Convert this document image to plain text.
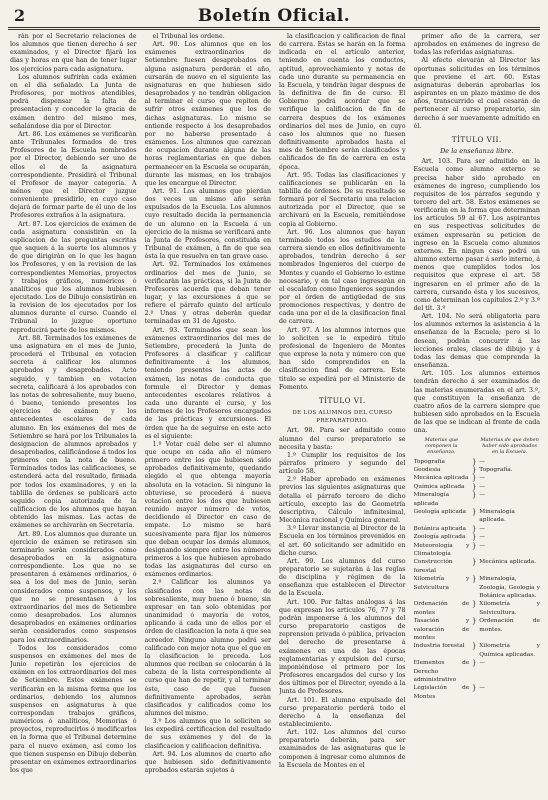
2	Boletín Oficial.

ràn por el Secretario relaciones de los alumnos que tienen derecho á ser examinados, y el Director fijarà los dias y horas en que han de tener lugar los ejercicios para cada asignatura.

Los alumnos sufriràn cada exámen en el dia señalado. La Junta de Profesores, por motivos atendibles, podrá dispensar la falta de presentacion y conceder la gracia de exámen dentro del mismo mes, señalándose dia por el Director.

Art. 86. Los exámenes se verificaràn ante Tribunales formados de tres Profesores de la Escuela nombrados por el Director, debiendo ser uno de ellos el de la asignatura correspondiente. Presidirá el Tribunal el Profesor de mayor categoría. A ménos que el Director juzgue conveniente presidirlo, en cuyo caso dejará de formar parte de él uno de los Profesores extraños á la asignatura.

Art. 87. Los ejercicios de exámen de cada asignatura consistiràn en la esplicacion de las preguntas escritas que saquen á la suerte los alumnos y de que dirigiràn en lo que les hagan los Profesores, y en la revision de las correspondientes Memorias, proyectos y trabajos gráficos, numéricos ó analíticos que los alumnos hubiesen ejecutado. Los de Dibujo consistiràn en la revision de los ejecutados por los alumnos durante el curso. Cuando el Tribunal lo juzgue oportuno reproducirá parte de los mismos.

Art. 88. Terminados los exámenes de una asignatura en el mes de Junio, procederá el Tribunal en votacion secreta á calificar los alumnos aprobados y desaprobados. Acto seguido, y tambien en votacion secreta, calificará á los aprobados con las notas de sobresaliente, muy bueno, ó bueno, teniendo presentes los ejercicios de exámen y los antecedentes escolares de cada alumno. En los exámenes del mes de Setiembre se hará por los Tribunales la designacion de alumnos aprobados y desaprobados, calificándose á todos los primeros con la nota de bueno. Terminados todos las calificaciones, se estenderá acta del resultado, firmada por todos los examinadores, y en la tablilla de órdenes se publicará acto seguido copia autorizada de la calificacion de los alumnos que hayan obtenido las mismas. Las actas de exámenes se archivaràn en Secretaría.

Art. 89. Los alumnos que durante un ejercicio de exámen se retirasen sin terminarlo seràn considerados como desaprobados en la asignatura correspondiente. Los que no se presentaren á exámenes ordinarios, ó sea á los del mes de Junio, seràn considerados como suspensos, y los que no se presentasen á los extraordinarios del mes de Setiembre como desaprobados. Los alumnos desaprobados en exámenes ordinarios seràn considerados como suspensos para los extraordinarios.

Todos los considerados como suspensos en exámenes del mes de Junio repetiràn los ejercicios de exámen en los extraordinarios del mes de Setiembre. Estos exámenes se verificaràn en la misma forma que los ordinarios, debiendo los alumnos suspensos en asignaturas à que correspondan trabajos gráficos, numéricos ó analíticos, Memorias ó proyectos, reproducirlos ó modificarlos en la forma que el Tribunal determine para el nuevo exámen, así como los que tienen suspenso en Dibujo deberàn presentar en exámenes extraordinarios los que

el Tribunal les ordene.

Art. 90. Los alumnos que en los exámenes extraordinarios de Setiembre fuesen desaprobados en alguna asignatura perderán el año, cursarán de nuevo en el siguiente las asignaturas en que hubiesen sido desaprobados y no tendràn obligacion al terminar el curso que repiten de sufrir otros exámenes que los de dichas asignaturas. Lo mismo se entiende respecto á los desaprobados por no haberse presentado á exámenes. Los alumnos que carezcan de ocupacion durante alguna de las horas reglamentarias en que deben permanecer en la Escuela se ocuparán, durante las mismas, en los trabajos que les encargue el Director.

Art. 91. Los alumnos que pierdan dos veces un mismo año seràn expulsados de la Escuela. Los alumnos cuyo resultado decida la permanencia de un alumno en la Escuela á un ejercicio de la misma se verificará ante la Junta de Profesores, constituida en Tribunal de exámen, á fin de que sea ésta la que resuelva en tan grave caso.

Art. 92. Terminados los exámenes ordinarios del mes de Junio, se verificaràn las prácticas, si la Junta de Profesores acuerda que deban tener lugar, y las excursiones á que se refiere el párrafo quinto del artículo 2.º Unas y otras deberàn quedar terminadas en 31 de Agosto.

Art. 93. Terminados que sean los exámenes extraordinarios del mes de Setiembre, procederá la Junta de Profesores á clasificar y calificar definitivamente á los alumnos, teniendo presentes las actas de exámen, las notas de conducta que formule el Director y demas antecedentes escolares relativos á cada uno durante el curso, y los informes de los Profesores encargados de las prácticas y excursiones. El órden que ha de seguirse en este acto es el siguiente:

1.º Votar cuál debe ser el alumno que ocupe en cada año el número primero entre los que hubiesen sido aprobados definitivamente, quedando elegido el que obtenga mayoría absoluta en la votacion. Si ninguno la obtuviese, se procederá á nueva votacion entre los dos que hubiesen reunido mayor número de votos, decidiendo el Director en caso de empate. Lo mismo se hará sucesivamente para fijar los números que deban ocupar los demás alumnos, designando siempre entre los números primeros á los que hubiesen aprobado todas las asignaturas del curso en exámenes ordinarios.

2.º Calificar los alumnos ya clasificados con las notas de sobresaliente, muy bueno ó bueno, sin expresar en tan solo obtenidas por unanimidad ó mayoría de votos, aplicando á cada uno de ellos por el órden de clasificacion la nota á que sea acreedor. Ninguno alumno podrá ser calificado con mejor nota que el que en la clasificacion le preceda. Los alumnos que reciban se colocarán á la cabeza de la lista correspondiente al curso que han de repetir, y al terminar éste, caso de que fuesen definitivamente aprobados, seràn clasificados y calificados como los alumnos del mismo.

3.º Los alumnos que lo soliciten se les expedirá certificacion del resultado de sus exámenes y del de la clasificacion y calificacion definitiva.

Art. 94. Los alumnos de cuarto año que hubiesen sido definitivamente aprobados estarán sujetos á

la clasificacion y calificacion de final de carrera. Estas se harán en la forma indicada en el artículo anterior, teniendo en cuenta los conductos, aptitud, aprovechamiento y notas de cada uno durante su permanencia en la Escuela, y tendràn lugar despues de la definitiva de fin de curso. El Gobierno podrá acordar que se verifique la calificacion de fin de carrera despues de los exámenes ordinarios del mes de Junio, en cuyo caso los alumnos que no fuesen definitivamente aprobados hasta el mes de Setiembre seràn clasificados y calificados de fin de carrera en esta época.

Art. 95. Todas las clasificaciones y calificaciones se publicaràn en la tablilla de órdenes. De su resultado se formará por el Secretario una relacion autorizada por el Director, que se archivará en la Escuela, remitiéndose copia al Gobierno.

Art. 96. Los alumnos que hayan terminado todos los estudios de la carrera siendo en ellos definitivamente aprobados, tendràn derecho á ser nombrados Ingenieros del cuerpo de Montes y cuando el Gobierno lo estime necesario, y en tal caso ingresaràn en el escalafon como Ingenieros segundos por el órden de antigüedad de sus promociones respectivas, y dentro de cada una por el de la clasificacion final de carrera.

Art. 97. A los alumnos internos que lo soliciten se le expedirá título profesional de Ingeniero de Montes que exprese la nota y número con que han sido comprendidos en la clasificacion final de carrera. Este título se expedirá por el Ministerio de Fomento.

TÍTULO VI.
DE LOS ALUMNOS DEL CURSO PREPARATORIO.

Art. 98. Para ser admitido como alumno del curso preparatorio se necesita y basta:

1.º Cumplir los requisitos de los párrafos primero y segundo del artículo 58.

2.º Haber aprobado en exámenes previos las siguientes asignaturas que detalla el párrafo tercero de dicho artículo, excepto las de Geometría descriptiva, Cálculo infinitesimal, Mecánica racional y Química general.

3.º Llevar instancia al Director de la Escuela en los términos prevenidos en el art. 60 solicitando ser admitido en dicho curso.

Art. 99. Los alumnos del curso preparatorio se sujetaràn á las reglas de disciplina y régimen de la enseñanza que establecen el Director de la Escuela.

Art. 100. Por faltas análogas á las que expresan los artículos 76, 77 y 78 podràn imponerse á los alumnos del curso preparatorio castigos de reprension privada ó pública, privacion del derecho de presentarse á exámenes en una de las épocas reglamentarias y expulsion del curso, imponiéndose el primero por los Profesores encargados del curso y los dos últimos por el Director, oyendo á la Junta de Profesores.

Art. 101. El alumno expulsado del curso preparatorio perderá todo el derecho á la enseñanza del establecimiento.

Art. 102. Los alumnos del curso preparatorio deberán, para ser examinados de las asignaturas que le componen á ingresar como alumnos de la Escuela de Montes en el

primer año de la carrera, ser aprobados en exámenes de ingreso de todas las referidas asignaturas.

Al efecto elevarán al Director las oportunas solicitudes en los términos que previene el art. 60. Estas asignaturas deberán aprobarlas los aspirantes en un plazo máximo de dos años, transcurrido el cual cesarán de pertenecer al curso preparatorio, sin derecho á ser nuevamente admitido en él.

TÍTULO VII.
De la enseñanza libre.

Art. 103. Para ser admitido en la Escuela como alumno externo se precisa haber sido aprobado en exámenes de ingreso, cumpliendo los requisitos de los párrafos segundo y tercero del art. 58. Estos exámenes se verificaràn en la forma que determinan los artículos 59 al 67. Los aspirantes en sus respectivas solicitudes de exámen expresaràn su peticion de ingreso en la Escuela como alumnos externos. En ningun caso podrá un alumno externo pasar á serlo interno, á menos que cumplidos todos los requisitos que exprese el art. 58 ingresaren en el primer año de la carrera, cursando ésta y los sucesivos, como determinan los capítulos 2.º y 3.º del tít. 3.º

Art. 104. No será obligatoria para los alumnos externos la asistencia á la enseñanza de la Escuela; pero si lo desean, podràn concurrir á las lecciones orales, clases de dibujo y á todas las demas que comprenda la enseñanza.

Art. 105. Los alumnos externos tendràn derecho á ser examinados de las materias enumeradas en el art. 3.º, que constituyen la enseñanza de cuatro años de la carrera siempre que hubiesen sido aprobados en la Escuela de las que se indican al frente de cada una.

Materias que componen la enseñanza.		Materias de que deben haber sido aprobados en la Escuela.
Topografía	}	—
Geodesia	}	Topografía.
Mecánica aplicada	}	—
Química aplicada	}	—
Mineralogía aplicada	}	—
Geología aplicada	}	Mineralogía aplicada.
Botánica aplicada	}	—
Zoología aplicada	}	—
Meteorología y Climatología	}	—
Construcción forestal	}	Mecánica aplicada.
Xilometría y Selvicultura	}	Mineralogía, Zoología, Geología y Botánica aplicadas.
Ordenación de montes	}	Xilometría y Selvicultura.
Tasación y valoración de montes	}	Ordenación de montes.
Industria forestal	}	Xilometría y Química aplicadas.
Elementos de Derecho administrativo	}	—
Legislación de Montes	}	—
